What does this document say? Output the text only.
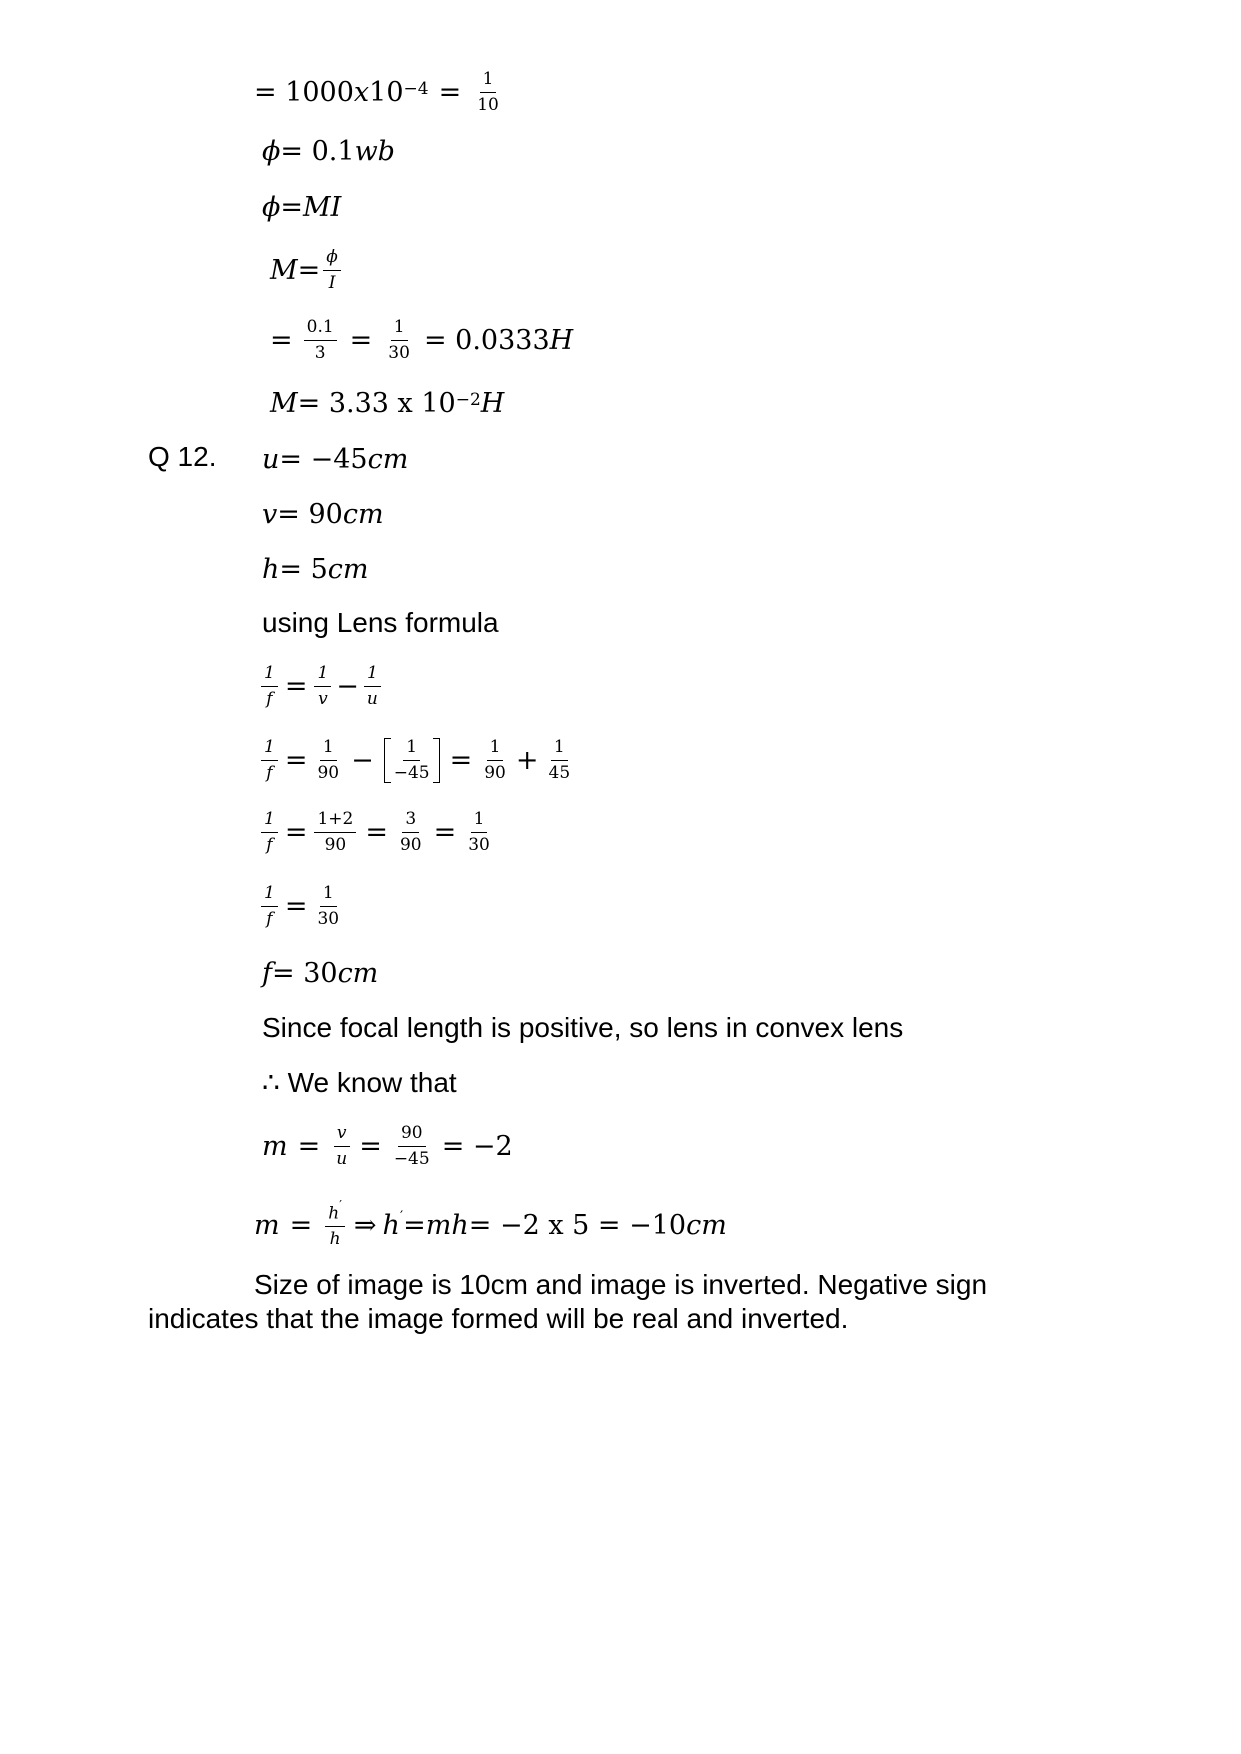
= 1000 x $10^{-4} = \frac{1}{10}$
ϕ = 0.1 wb
ϕ = MI
$M = \frac{\phi}{I}$
= $\frac{0.1}{3} = \frac{1}{30} = 0.0333$ H
M = 3.33 x $10^{-2}$ H
Q 12. u = −45 cm
v = 90 cm
h = 5 cm
using Lens formula
$\frac{1}{f} = \frac{1}{v} - \frac{1}{u}$
$\frac{1}{f} = \frac{1}{90} - \frac{1}{-45} = \frac{1}{90} + \frac{1}{45}$
$\frac{1}{f} = \frac{1+2}{90} = \frac{3}{90} = \frac{1}{30}$
$\frac{1}{f} = \frac{1}{30}$
f = 30 cm
Since focal length is positive, so lens in convex lens
∴ We know that
$m = \frac{v}{u} = \frac{90}{-45} = -2$
$m = \frac{h'}{h}$ ⇒ h′ = mh = −2 x 5 = −10 cm
Size of image is 10cm and image is inverted. Negative sign
indicates that the image formed will be real and inverted.
